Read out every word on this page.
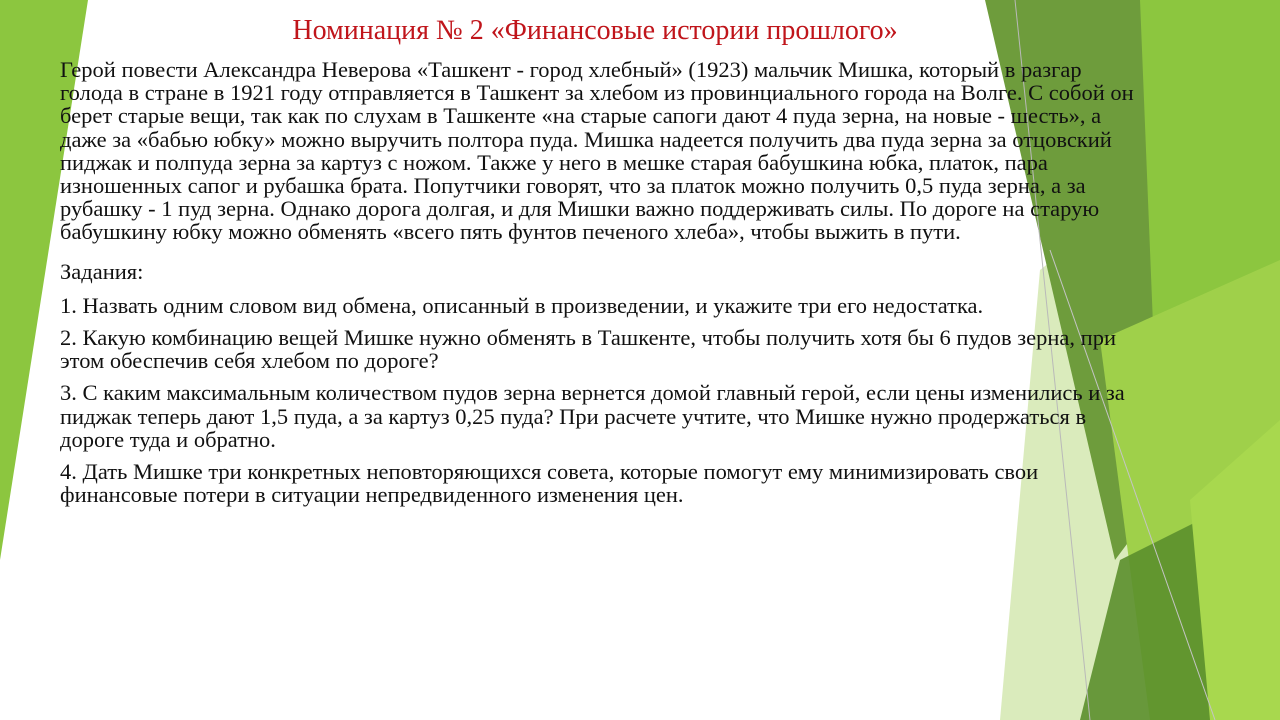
Номинация № 2 «Финансовые истории прошлого»

Герой повести Александра Неверова «Ташкент - город хлебный» (1923) мальчик Мишка, который в разгар голода в стране в 1921 году отправляется в Ташкент за хлебом из провинциального города на Волге. С собой он берет старые вещи, так как по слухам в Ташкенте «на старые сапоги дают 4 пуда зерна, на новые - шесть», а даже за «бабью юбку» можно выручить полтора пуда. Мишка надеется получить два пуда зерна за отцовский пиджак и полпуда зерна за картуз с ножом. Также у него в мешке старая бабушкина юбка, платок, пара изношенных сапог и рубашка брата. Попутчики говорят, что за платок можно получить 0,5 пуда зерна, а за рубашку - 1 пуд зерна. Однако дорога долгая, и для Мишки важно поддерживать силы. По дороге на старую бабушкину юбку можно обменять «всего пять фунтов печеного хлеба», чтобы выжить в пути.

Задания:

1. Назвать одним словом вид обмена, описанный в произведении, и укажите три его недостатка.

2. Какую комбинацию вещей Мишке нужно обменять в Ташкенте, чтобы получить хотя бы 6 пудов зерна, при этом обеспечив себя хлебом по дороге?

3. С каким максимальным количеством пудов зерна вернется домой главный герой, если цены изменились и за пиджак теперь дают 1,5 пуда, а за картуз 0,25 пуда? При расчете учтите, что Мишке нужно продержаться в дороге туда и обратно.

4. Дать Мишке три конкретных неповторяющихся совета, которые помогут ему минимизировать свои финансовые потери в ситуации непредвиденного изменения цен.
